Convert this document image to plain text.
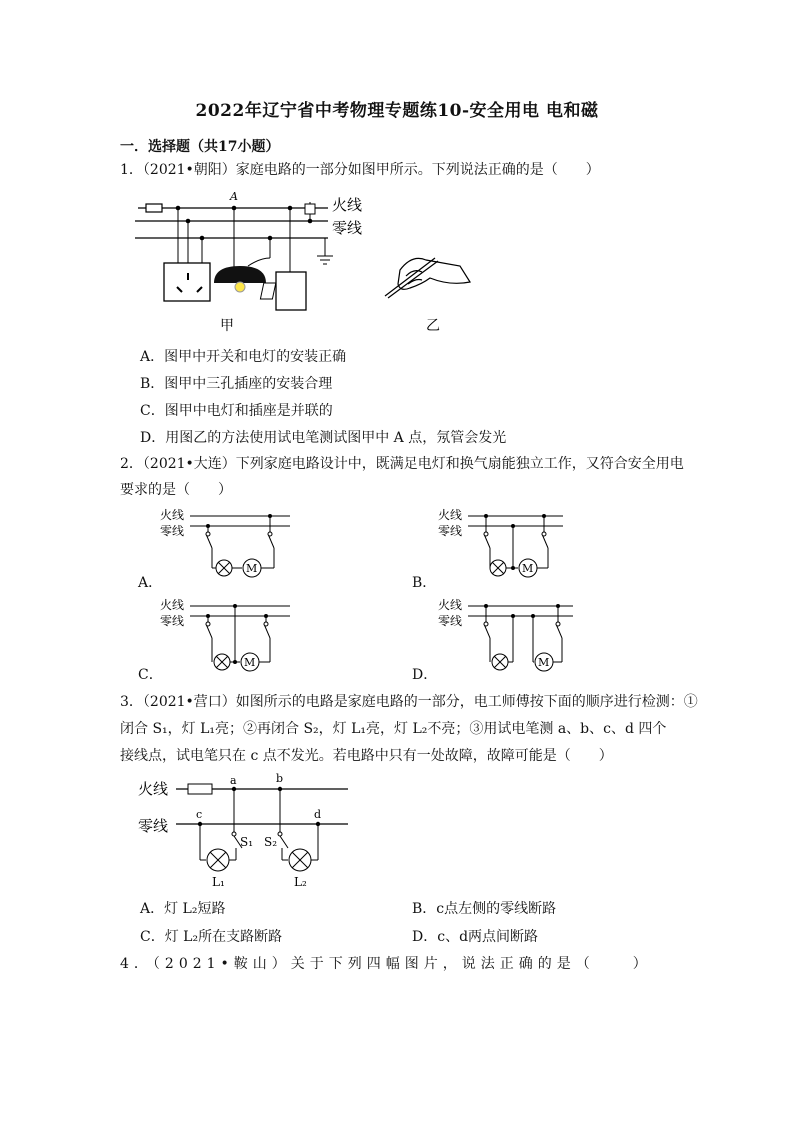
2022年辽宁省中考物理专题练10-安全用电 电和磁
一．选择题（共17小题）
1．（2021•朝阳）家庭电路的一部分如图甲所示。下列说法正确的是（　　）
A	火线
零线
甲	乙
A．图甲中开关和电灯的安装正确
B．图甲中三孔插座的安装合理
C．图甲中电灯和插座是并联的
D．用图乙的方法使用试电笔测试图甲中 A 点，氖管会发光
2．（2021•大连）下列家庭电路设计中，既满足电灯和换气扇能独立工作，又符合安全用电
要求的是（　　）
火线
零线
M
A．
火线
零线
M
B．
火线
零线
M
C．
火线
零线
M
D．
3．（2021•营口）如图所示的电路是家庭电路的一部分，电工师傅按下面的顺序进行检测：①
闭合 S₁，灯 L₁亮；②再闭合 S₂，灯 L₁亮，灯 L₂不亮；③用试电笔测 a、b、c、d 四个
接线点，试电笔只在 c 点不发光。若电路中只有一处故障，故障可能是（　　）
火线
零线
a	b
c	d
S₁
L₁
S₂
L₂
A．灯 L₂短路	B．c点左侧的零线断路
C．灯 L₂所在支路断路	D．c、d两点间断路
4．（2021•鞍山）关于下列四幅图片，说法正确的是（　　）
